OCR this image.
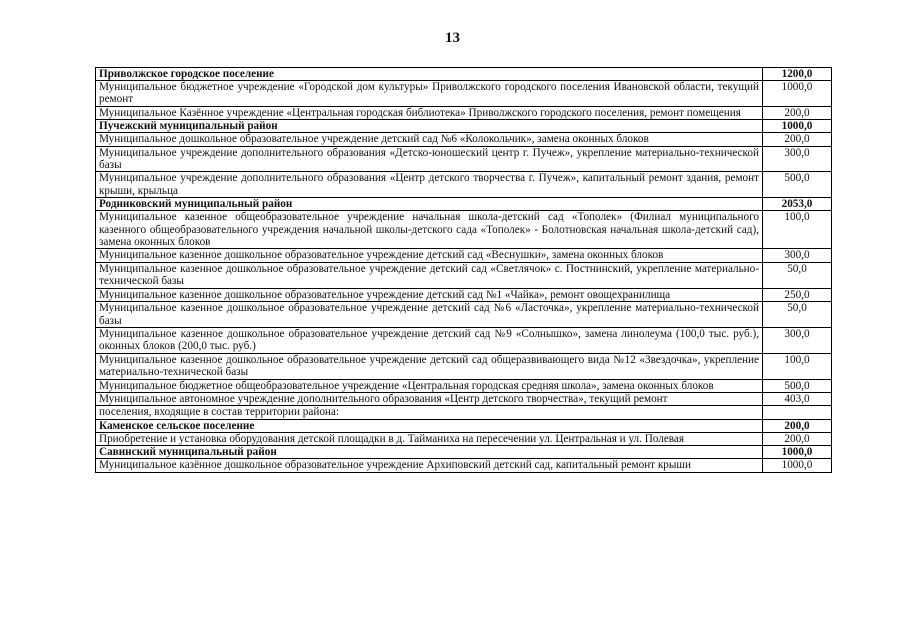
13
Приволжское городское поселение	1200,0
Муниципальное бюджетное учреждение «Городской дом культуры» Приволжского городского поселения Ивановской области, текущий ремонт	1000,0
Муниципальное Казённое учреждение «Центральная городская библиотека» Приволжского городского поселения, ремонт помещения	200,0
Пучежский муниципальный район	1000,0
Муниципальное дошкольное образовательное учреждение детский сад №6 «Колокольчик», замена оконных блоков	200,0
Муниципальное учреждение дополнительного образования «Детско-юношеский центр г. Пучеж», укрепление материально-технической базы	300,0
Муниципальное учреждение дополнительного образования «Центр детского творчества г. Пучеж», капитальный ремонт здания, ремонт крыши, крыльца	500,0
Родниковский муниципальный район	2053,0
Муниципальное казенное общеобразовательное учреждение начальная школа-детский сад «Тополек» (Филиал муниципального казенного общеобразовательного учреждения начальной школы-детского сада «Тополек» - Болотновская начальная школа-детский сад), замена оконных блоков	100,0
Муниципальное казенное дошкольное образовательное учреждение детский сад «Веснушки», замена оконных блоков	300,0
Муниципальное казенное дошкольное образовательное учреждение детский сад «Светлячок» с. Постнинский, укрепление материально-технической базы	50,0
Муниципальное казенное дошкольное образовательное учреждение детский сад №1 «Чайка», ремонт овощехранилища	250,0
Муниципальное казенное дошкольное образовательное учреждение детский сад №6 «Ласточка», укрепление материально-технической базы	50,0
Муниципальное казенное дошкольное образовательное учреждение детский сад №9 «Солнышко», замена линолеума (100,0 тыс. руб.), оконных блоков (200,0 тыс. руб.)	300,0
Муниципальное казенное дошкольное образовательное учреждение детский сад общеразвивающего вида №12 «Звездочка», укрепление материально-технической базы	100,0
Муниципальное бюджетное общеобразовательное учреждение «Центральная городская средняя школа», замена оконных блоков	500,0
Муниципальное автономное учреждение дополнительного образования «Центр детского творчества», текущий ремонт	403,0
поселения, входящие в состав территории района:	
Каменское сельское поселение	200,0
Приобретение и установка оборудования детской площадки в д. Тайманиха на пересечении ул. Центральная и ул. Полевая	200,0
Савинский муниципальный район	1000,0
Муниципальное казённое дошкольное образовательное учреждение Архиповский детский сад, капитальный ремонт крыши	1000,0
